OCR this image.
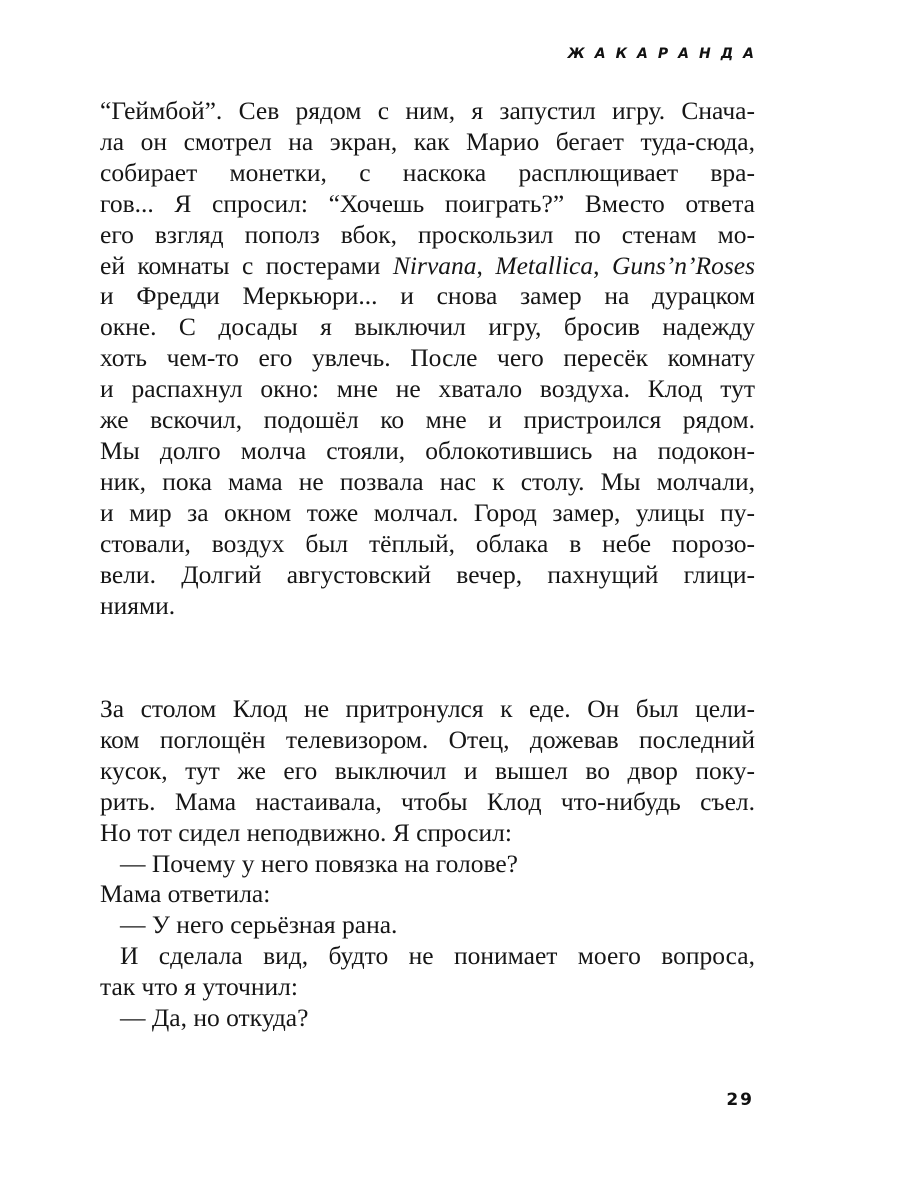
ЖАКАРАНДА
“Геймбой”. Сев рядом с ним, я запустил игру. Снача-
ла он смотрел на экран, как Марио бегает туда-сюда,
собирает монетки, с наскока расплющивает вра-
гов... Я спросил: “Хочешь поиграть?” Вместо ответа
его взгляд пополз вбок, проскользил по стенам мо-
ей комнаты с постерами Nirvana, Metallica, Guns’n’Roses
и Фредди Меркьюри... и снова замер на дурацком
окне. С досады я выключил игру, бросив надежду
хоть чем-то его увлечь. После чего пересёк комнату
и распахнул окно: мне не хватало воздуха. Клод тут
же вскочил, подошёл ко мне и пристроился рядом.
Мы долго молча стояли, облокотившись на подокон-
ник, пока мама не позвала нас к столу. Мы молчали,
и мир за окном тоже молчал. Город замер, улицы пу-
стовали, воздух был тёплый, облака в небе порозо-
вели. Долгий августовский вечер, пахнущий глици-
ниями.
За столом Клод не притронулся к еде. Он был цели-
ком поглощён телевизором. Отец, дожевав последний
кусок, тут же его выключил и вышел во двор поку-
рить. Мама настаивала, чтобы Клод что-нибудь съел.
Но тот сидел неподвижно. Я спросил:
— Почему у него повязка на голове?
Мама ответила:
— У него серьёзная рана.
И сделала вид, будто не понимает моего вопроса,
так что я уточнил:
— Да, но откуда?
29
